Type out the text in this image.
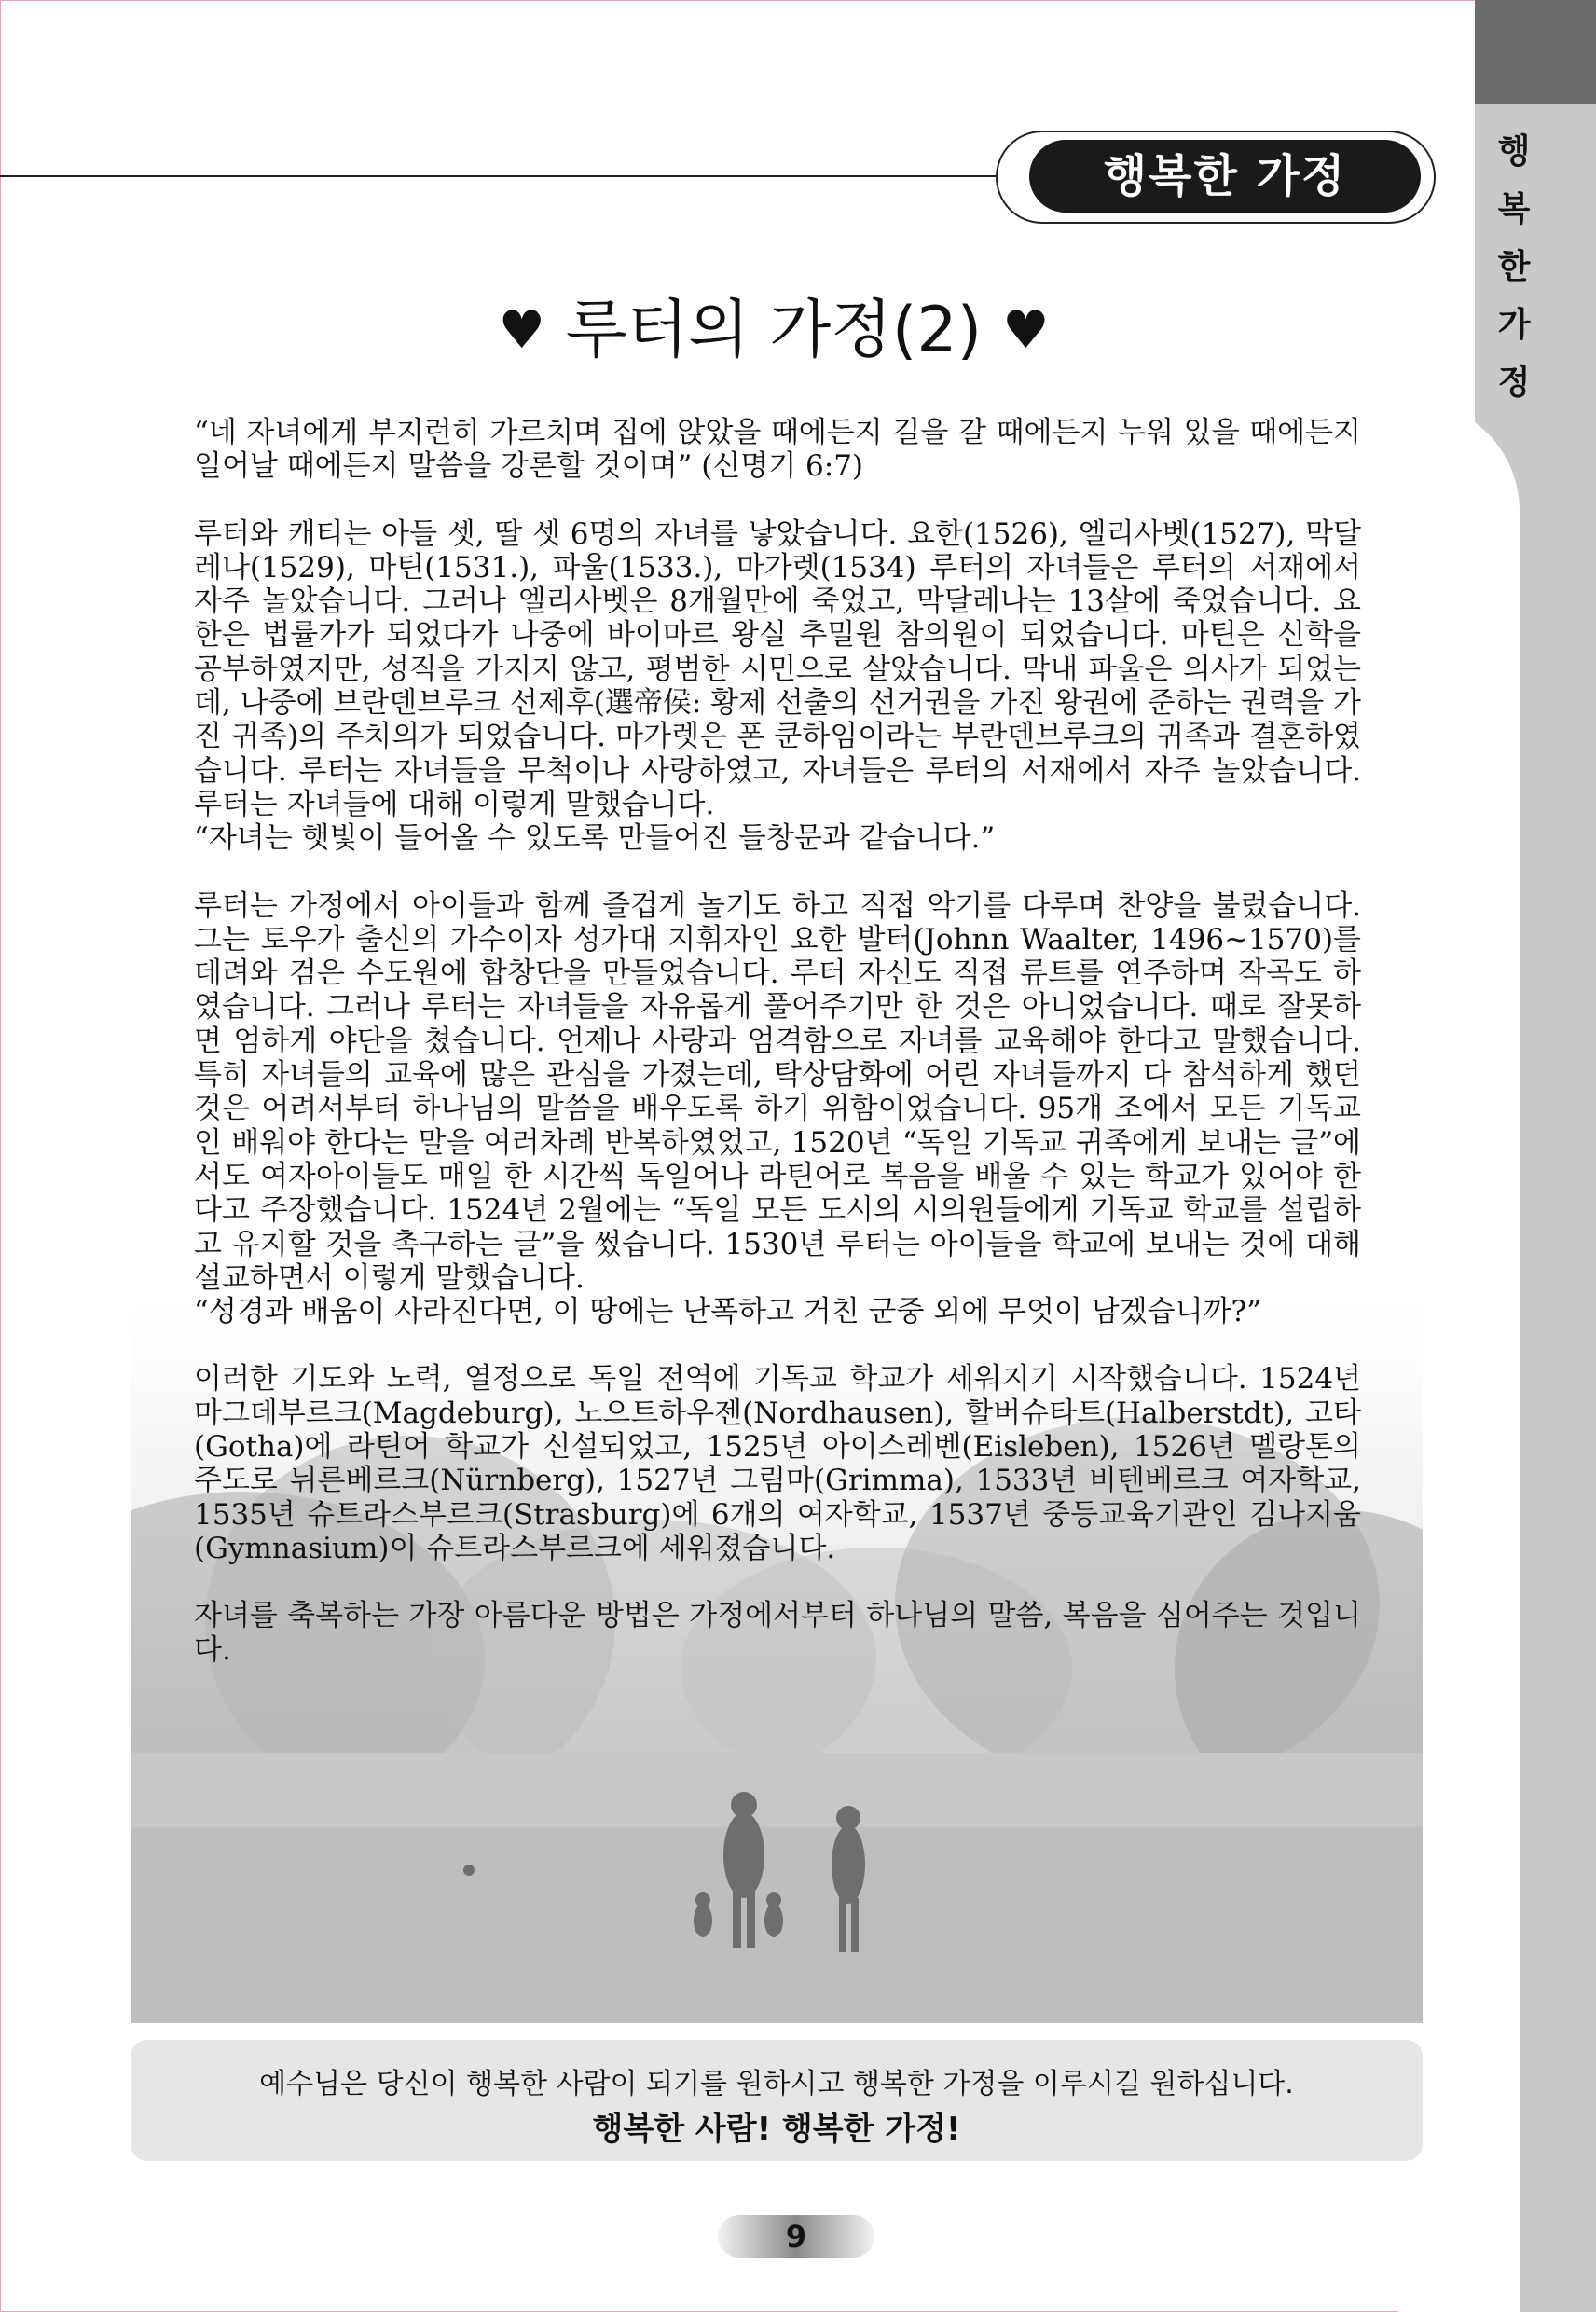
행
복
한
가
정
행복한 가정
♥ 루터의 가정(2) ♥

“네 자녀에게 부지런히 가르치며 집에 앉았을 때에든지 길을 갈 때에든지 누워 있을 때에든지 일어날 때에든지 말씀을 강론할 것이며” (신명기 6:7)

루터와 캐티는 아들 셋, 딸 셋 6명의 자녀를 낳았습니다. 요한(1526), 엘리사벳(1527), 막달레나(1529), 마틴(1531.), 파울(1533.), 마가렛(1534) 루터의 자녀들은 루터의 서재에서 자주 놀았습니다. 그러나 엘리사벳은 8개월만에 죽었고, 막달레나는 13살에 죽었습니다. 요한은 법률가가 되었다가 나중에 바이마르 왕실 추밀원 참의원이 되었습니다. 마틴은 신학을 공부하였지만, 성직을 가지지 않고, 평범한 시민으로 살았습니다. 막내 파울은 의사가 되었는데, 나중에 브란덴브루크 선제후(選帝侯: 황제 선출의 선거권을 가진 왕권에 준하는 권력을 가진 귀족)의 주치의가 되었습니다. 마가렛은 폰 쿤하임이라는 부란덴브루크의 귀족과 결혼하였습니다. 루터는 자녀들을 무척이나 사랑하였고, 자녀들은 루터의 서재에서 자주 놀았습니다. 루터는 자녀들에 대해 이렇게 말했습니다.

“자녀는 햇빛이 들어올 수 있도록 만들어진 들창문과 같습니다.”

루터는 가정에서 아이들과 함께 즐겁게 놀기도 하고 직접 악기를 다루며 찬양을 불렀습니다. 그는 토우가 출신의 가수이자 성가대 지휘자인 요한 발터(Johnn Waalter, 1496~1570)를 데려와 검은 수도원에 합창단을 만들었습니다. 루터 자신도 직접 류트를 연주하며 작곡도 하였습니다. 그러나 루터는 자녀들을 자유롭게 풀어주기만 한 것은 아니었습니다. 때로 잘못하면 엄하게 야단을 쳤습니다. 언제나 사랑과 엄격함으로 자녀를 교육해야 한다고 말했습니다. 특히 자녀들의 교육에 많은 관심을 가졌는데, 탁상담화에 어린 자녀들까지 다 참석하게 했던 것은 어려서부터 하나님의 말씀을 배우도록 하기 위함이었습니다. 95개 조에서 모든 기독교인 배워야 한다는 말을 여러차례 반복하였었고, 1520년 “독일 기독교 귀족에게 보내는 글”에서도 여자아이들도 매일 한 시간씩 독일어나 라틴어로 복음을 배울 수 있는 학교가 있어야 한다고 주장했습니다. 1524년 2월에는 “독일 모든 도시의 시의원들에게 기독교 학교를 설립하고 유지할 것을 촉구하는 글”을 썼습니다. 1530년 루터는 아이들을 학교에 보내는 것에 대해 설교하면서 이렇게 말했습니다.

“성경과 배움이 사라진다면, 이 땅에는 난폭하고 거친 군중 외에 무엇이 남겠습니까?”

이러한 기도와 노력, 열정으로 독일 전역에 기독교 학교가 세워지기 시작했습니다. 1524년 마그데부르크(Magdeburg), 노으트하우젠(Nordhausen), 할버슈타트(Halberstdt), 고타(Gotha)에 라틴어 학교가 신설되었고, 1525년 아이스레벤(Eisleben), 1526년 멜랑톤의 주도로 뉘른베르크(Nürnberg), 1527년 그림마(Grimma), 1533년 비텐베르크 여자학교, 1535년 슈트라스부르크(Strasburg)에 6개의 여자학교, 1537년 중등교육기관인 김나지움(Gymnasium)이 슈트라스부르크에 세워졌습니다.

자녀를 축복하는 가장 아름다운 방법은 가정에서부터 하나님의 말씀, 복음을 심어주는 것입니다.

예수님은 당신이 행복한 사람이 되기를 원하시고 행복한 가정을 이루시길 원하십니다.
행복한 사람! 행복한 가정!
9
